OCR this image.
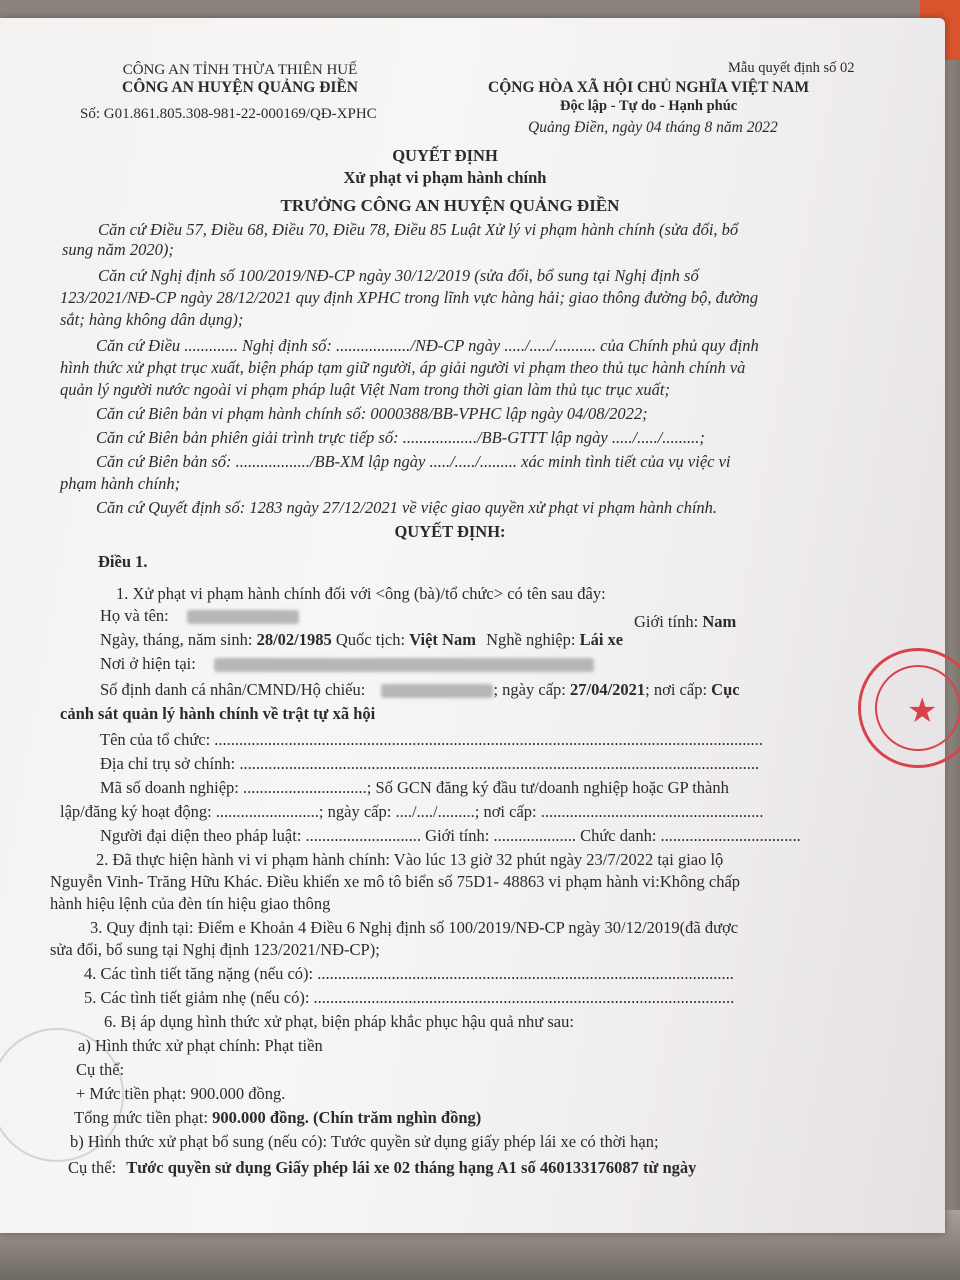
CÔNG AN TỈNH THỪA THIÊN HUẾ
CÔNG AN HUYỆN QUẢNG ĐIỀN
Số: G01.861.805.308-981-22-000169/QĐ-XPHC
Mẫu quyết định số 02
CỘNG HÒA XÃ HỘI CHỦ NGHĨA VIỆT NAM
Độc lập - Tự do - Hạnh phúc
Quảng Điền, ngày 04 tháng 8 năm 2022
QUYẾT ĐỊNH
Xử phạt vi phạm hành chính
TRƯỞNG CÔNG AN HUYỆN QUẢNG ĐIỀN
Căn cứ Điều 57, Điều 68, Điều 70, Điều 78, Điều 85 Luật Xử lý vi phạm hành chính (sửa đổi, bổ
sung năm 2020);
Căn cứ Nghị định số 100/2019/NĐ-CP ngày 30/12/2019 (sửa đổi, bổ sung tại Nghị định số
123/2021/NĐ-CP ngày 28/12/2021 quy định XPHC trong lĩnh vực hàng hải; giao thông đường bộ, đường
sắt; hàng không dân dụng);
Căn cứ Điều ............. Nghị định số: ................../NĐ-CP ngày ...../...../.......... của Chính phủ quy định
hình thức xử phạt trục xuất, biện pháp tạm giữ người, áp giải người vi phạm theo thủ tục hành chính và
quản lý người nước ngoài vi phạm pháp luật Việt Nam trong thời gian làm thủ tục trục xuất;
Căn cứ Biên bản vi phạm hành chính số: 0000388/BB-VPHC lập ngày 04/08/2022;
Căn cứ Biên bản phiên giải trình trực tiếp số: ................../BB-GTTT lập ngày ...../...../.........;
Căn cứ Biên bản số: ................../BB-XM lập ngày ...../...../......... xác minh tình tiết của vụ việc vi
phạm hành chính;
Căn cứ Quyết định số: 1283 ngày 27/12/2021 về việc giao quyền xử phạt vi phạm hành chính.
QUYẾT ĐỊNH:
Điều 1.
1. Xử phạt vi phạm hành chính đối với <ông (bà)/tổ chức> có tên sau đây:
Họ và tên:	Giới tính: Nam
Ngày, tháng, năm sinh: 28/02/1985 Quốc tịch: Việt Nam Nghề nghiệp: Lái xe
Nơi ở hiện tại:
Số định danh cá nhân/CMND/Hộ chiếu:	; ngày cấp: 27/04/2021; nơi cấp: Cục
cảnh sát quản lý hành chính về trật tự xã hội
Tên của tổ chức: .....................................................................................................................................
Địa chỉ trụ sở chính: ..............................................................................................................................
Mã số doanh nghiệp: ..............................; Số GCN đăng ký đầu tư/doanh nghiệp hoặc GP thành
lập/đăng ký hoạt động: .........................; ngày cấp: ..../..../.........; nơi cấp: ......................................................
Người đại diện theo pháp luật: ............................ Giới tính: .................... Chức danh: ..................................
2. Đã thực hiện hành vi vi phạm hành chính: Vào lúc 13 giờ 32 phút ngày 23/7/2022 tại giao lộ
Nguyễn Vinh- Trăng Hữu Khác. Điều khiển xe mô tô biển số 75D1- 48863 vi phạm hành vi:Không chấp
hành hiệu lệnh của đèn tín hiệu giao thông
3. Quy định tại: Điểm e Khoản 4 Điều 6 Nghị định số 100/2019/NĐ-CP ngày 30/12/2019(đã được
sửa đổi, bổ sung tại Nghị định 123/2021/NĐ-CP);
4. Các tình tiết tăng nặng (nếu có): .....................................................................................................
5. Các tình tiết giảm nhẹ (nếu có): ......................................................................................................
6. Bị áp dụng hình thức xử phạt, biện pháp khắc phục hậu quả như sau:
a) Hình thức xử phạt chính: Phạt tiền
Cụ thể:
+ Mức tiền phạt: 900.000 đồng.
Tổng mức tiền phạt: 900.000 đồng. (Chín trăm nghìn đồng)
b) Hình thức xử phạt bổ sung (nếu có): Tước quyền sử dụng giấy phép lái xe có thời hạn;
Cụ thể: Tước quyền sử dụng Giấy phép lái xe 02 tháng hạng A1 số 460133176087 từ ngày
★
